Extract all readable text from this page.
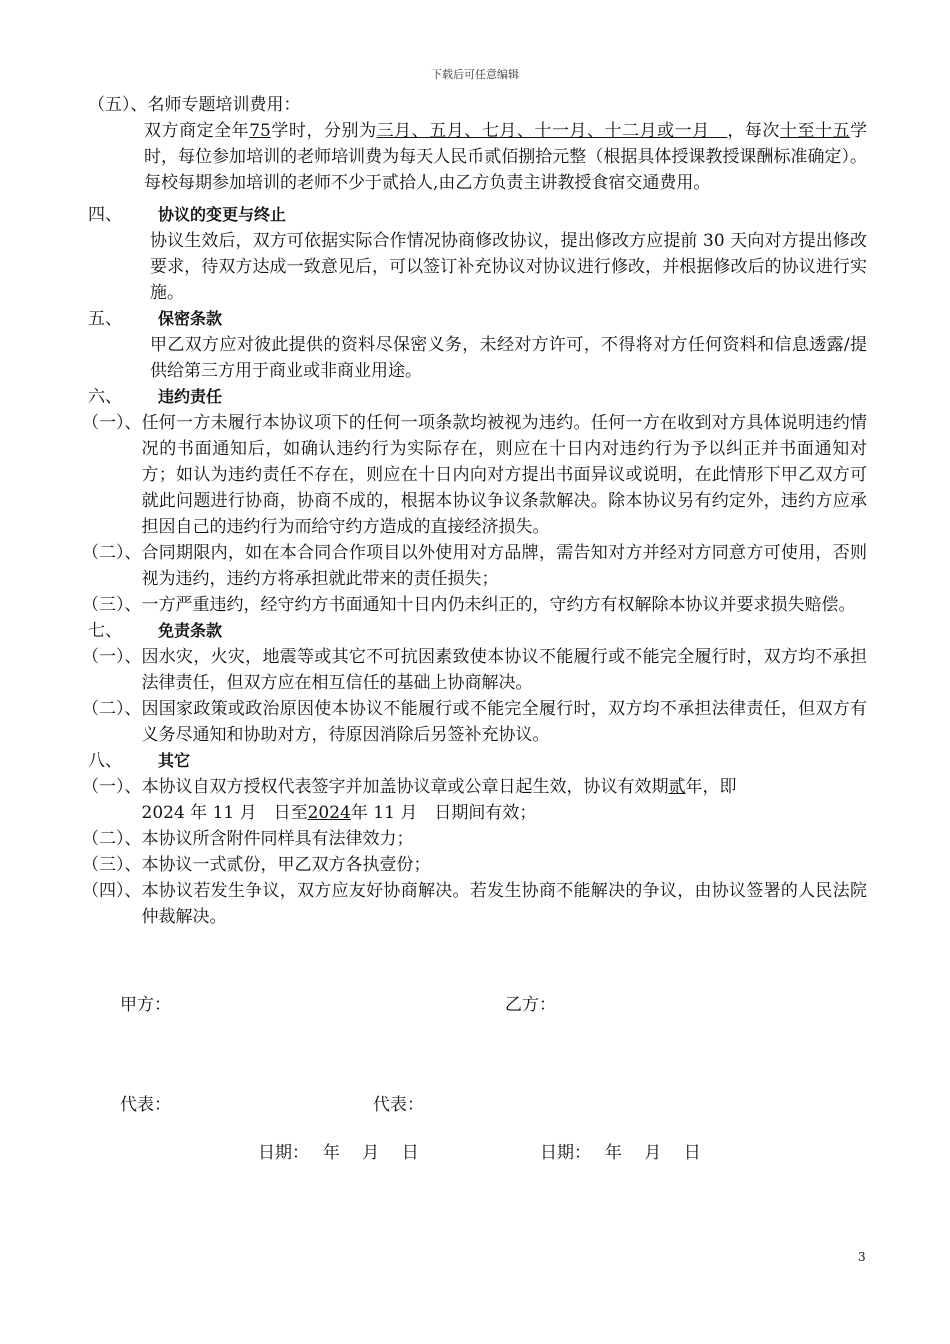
下载后可任意编辑
（五）、名师专题培训费用：
双方商定全年75学时，分别为三月、五月、七月、十一月、十二月或一月　 ，每次十至十五学时，每位参加培训的老师培训费为每天人民币贰佰捌拾元整（根据具体授课教授课酬标准确定）。每校每期参加培训的老师不少于贰拾人,由乙方负责主讲教授食宿交通费用。
四、	协议的变更与终止
协议生效后，双方可依据实际合作情况协商修改协议，提出修改方应提前 30 天向对方提出修改要求，待双方达成一致意见后，可以签订补充协议对协议进行修改，并根据修改后的协议进行实施。
五、	保密条款
甲乙双方应对彼此提供的资料尽保密义务，未经对方许可，不得将对方任何资料和信息透露/提供给第三方用于商业或非商业用途。
六、	违约责任
（一）、 任何一方未履行本协议项下的任何一项条款均被视为违约。任何一方在收到对方具体说明违约情况的书面通知后，如确认违约行为实际存在，则应在十日内对违约行为予以纠正并书面通知对方；如认为违约责任不存在，则应在十日内向对方提出书面异议或说明，在此情形下甲乙双方可就此问题进行协商，协商不成的，根据本协议争议条款解决。除本协议另有约定外，违约方应承担因自己的违约行为而给守约方造成的直接经济损失。
（二）、 合同期限内，如在本合同合作项目以外使用对方品牌，需告知对方并经对方同意方可使用，否则视为违约，违约方将承担就此带来的责任损失；
（三）、 一方严重违约，经守约方书面通知十日内仍未纠正的，守约方有权解除本协议并要求损失赔偿。
七、	免责条款
（一）、 因水灾，火灾，地震等或其它不可抗因素致使本协议不能履行或不能完全履行时，双方均不承担法律责任，但双方应在相互信任的基础上协商解决。
（二）、 因国家政策或政治原因使本协议不能履行或不能完全履行时，双方均不承担法律责任，但双方有义务尽通知和协助对方，待原因消除后另签补充协议。
八、	其它
（一）、 本协议自双方授权代表签字并加盖协议章或公章日起生效，协议有效期贰年，即
2024 年 11 月　日至2024年 11 月　日期间有效；
（二）、 本协议所含附件同样具有法律效力；
（三）、 本协议一式贰份，甲乙双方各执壹份；
（四）、 本协议若发生争议，双方应友好协商解决。若发生协商不能解决的争议，由协议签署的人民法院仲裁解决。
甲方：	乙方：
代表：	代表：
日期：　 年　 月　 日	日期：　 年　 月　 日
3
